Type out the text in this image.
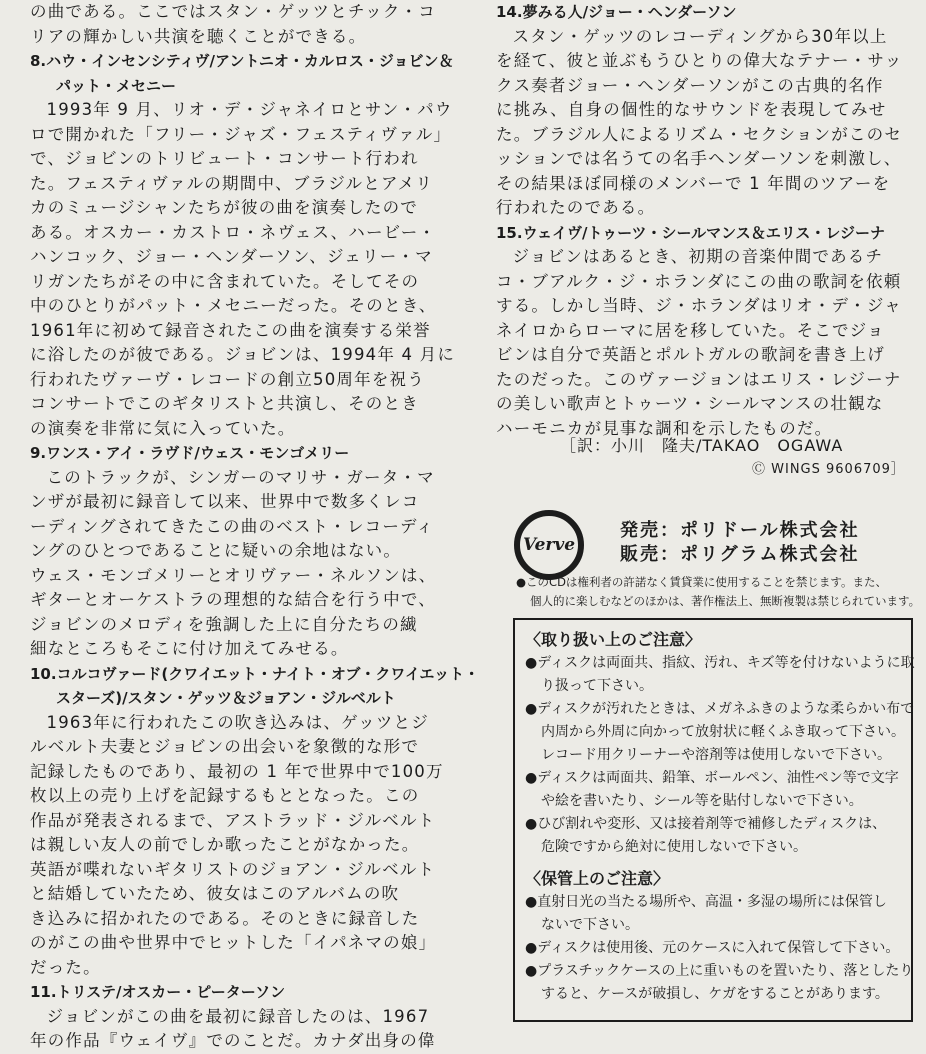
の曲である。ここではスタン・ゲッツとチック・コ
リアの輝かしい共演を聴くことができる。
8.ハウ・インセンシティヴ/アントニオ・カルロス・ジョビン＆
パット・メセニー
1993年 9 月、リオ・デ・ジャネイロとサン・パウ
ロで開かれた「フリー・ジャズ・フェスティヴァル」
で、ジョビンのトリビュート・コンサート行われ
た。フェスティヴァルの期間中、ブラジルとアメリ
カのミュージシャンたちが彼の曲を演奏したので
ある。オスカー・カストロ・ネヴェス、ハービー・
ハンコック、ジョー・ヘンダーソン、ジェリー・マ
リガンたちがその中に含まれていた。そしてその
中のひとりがパット・メセニーだった。そのとき、
1961年に初めて録音されたこの曲を演奏する栄誉
に浴したのが彼である。ジョビンは、1994年 4 月に
行われたヴァーヴ・レコードの創立50周年を祝う
コンサートでこのギタリストと共演し、そのとき
の演奏を非常に気に入っていた。
9.ワンス・アイ・ラヴド/ウェス・モンゴメリー
このトラックが、シンガーのマリサ・ガータ・マ
ンザが最初に録音して以来、世界中で数多くレコ
ーディングされてきたこの曲のベスト・レコーディ
ングのひとつであることに疑いの余地はない。
ウェス・モンゴメリーとオリヴァー・ネルソンは、
ギターとオーケストラの理想的な結合を行う中で、
ジョビンのメロディを強調した上に自分たちの繊
細なところもそこに付け加えてみせる。
10.コルコヴァード(クワイエット・ナイト・オブ・クワイエット・
スターズ)/スタン・ゲッツ＆ジョアン・ジルベルト
1963年に行われたこの吹き込みは、ゲッツとジ
ルベルト夫妻とジョビンの出会いを象徴的な形で
記録したものであり、最初の 1 年で世界中で100万
枚以上の売り上げを記録するもととなった。この
作品が発表されるまで、アストラッド・ジルベルト
は親しい友人の前でしか歌ったことがなかった。
英語が喋れないギタリストのジョアン・ジルベルト
と結婚していたため、彼女はこのアルバムの吹
き込みに招かれたのである。そのときに録音した
のがこの曲や世界中でヒットした「イパネマの娘」
だった。
11.トリステ/オスカー・ピーターソン
ジョビンがこの曲を最初に録音したのは、1967
年の作品『ウェイヴ』でのことだ。カナダ出身の偉
14.夢みる人/ジョー・ヘンダーソン
スタン・ゲッツのレコーディングから30年以上
を経て、彼と並ぶもうひとりの偉大なテナー・サッ
クス奏者ジョー・ヘンダーソンがこの古典的名作
に挑み、自身の個性的なサウンドを表現してみせ
た。ブラジル人によるリズム・セクションがこのセ
ッションでは名うての名手ヘンダーソンを刺激し、
その結果ほぼ同様のメンバーで 1 年間のツアーを
行われたのである。
15.ウェイヴ/トゥーツ・シールマンス＆エリス・レジーナ
ジョビンはあるとき、初期の音楽仲間であるチ
コ・ブアルク・ジ・ホランダにこの曲の歌詞を依頼
する。しかし当時、ジ・ホランダはリオ・デ・ジャ
ネイロからローマに居を移していた。そこでジョ
ビンは自分で英語とポルトガルの歌詞を書き上げ
たのだった。このヴァージョンはエリス・レジーナ
の美しい歌声とトゥーツ・シールマンスの壮観な
ハーモニカが見事な調和を示したものだ。
［訳：小川　隆夫/TAKAO　OGAWA
Ⓒ WINGS 9606709］
Verve
発売：ポリドール株式会社
販売：ポリグラム株式会社
●このCDは権利者の許諾なく賃貸業に使用することを禁じます。また、
個人的に楽しむなどのほかは、著作権法上、無断複製は禁じられています。
〈取り扱い上のご注意〉
●ディスクは両面共、指紋、汚れ、キズ等を付けないように取
り扱って下さい。
●ディスクが汚れたときは、メガネふきのような柔らかい布で
内周から外周に向かって放射状に軽くふき取って下さい。
レコード用クリーナーや溶剤等は使用しないで下さい。
●ディスクは両面共、鉛筆、ボールペン、油性ペン等で文字
や絵を書いたり、シール等を貼付しないで下さい。
●ひび割れや変形、又は接着剤等で補修したディスクは、
危険ですから絶対に使用しないで下さい。
〈保管上のご注意〉
●直射日光の当たる場所や、高温・多湿の場所には保管し
ないで下さい。
●ディスクは使用後、元のケースに入れて保管して下さい。
●プラスチックケースの上に重いものを置いたり、落としたり
すると、ケースが破損し、ケガをすることがあります。
